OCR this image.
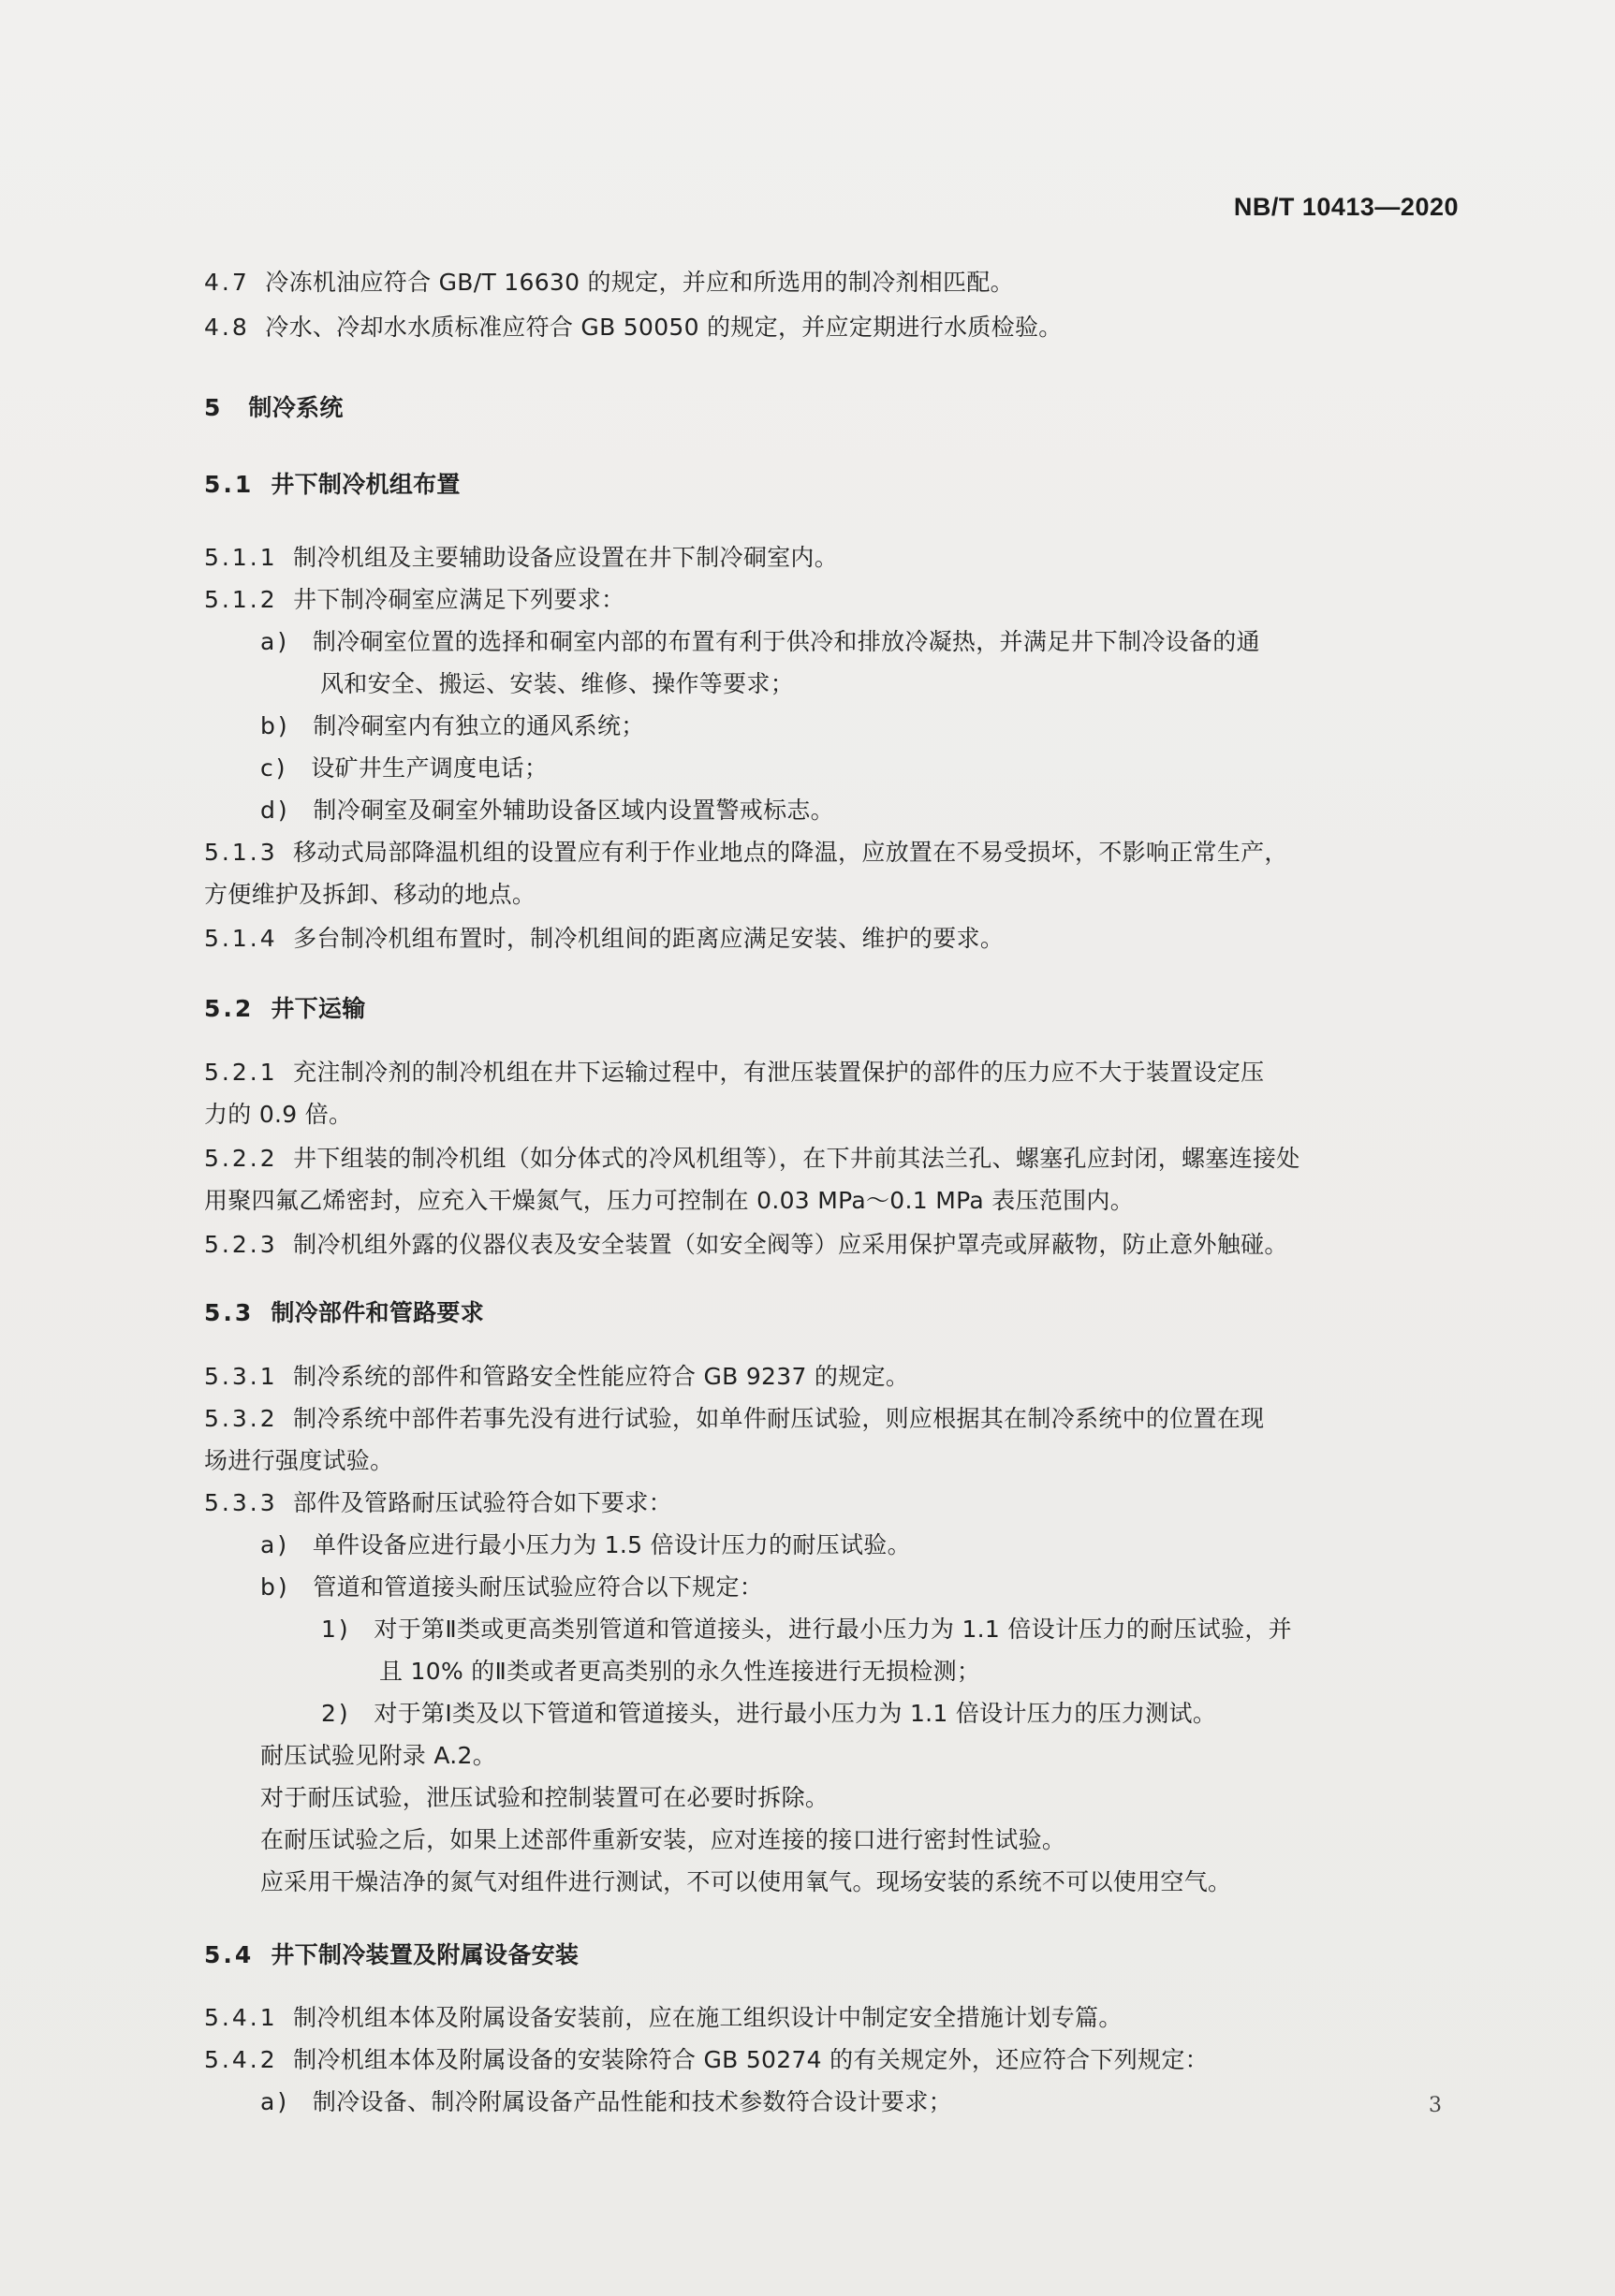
NB/T 10413—2020
4.7 冷冻机油应符合 GB/T 16630 的规定，并应和所选用的制冷剂相匹配。
4.8 冷水、冷却水水质标准应符合 GB 50050 的规定，并应定期进行水质检验。
5 制冷系统
5.1 井下制冷机组布置
5.1.1 制冷机组及主要辅助设备应设置在井下制冷硐室内。
5.1.2 井下制冷硐室应满足下列要求：
a) 制冷硐室位置的选择和硐室内部的布置有利于供冷和排放冷凝热，并满足井下制冷设备的通
风和安全、搬运、安装、维修、操作等要求；
b) 制冷硐室内有独立的通风系统；
c) 设矿井生产调度电话；
d) 制冷硐室及硐室外辅助设备区域内设置警戒标志。
5.1.3 移动式局部降温机组的设置应有利于作业地点的降温，应放置在不易受损坏，不影响正常生产，
方便维护及拆卸、移动的地点。
5.1.4 多台制冷机组布置时，制冷机组间的距离应满足安装、维护的要求。
5.2 井下运输
5.2.1 充注制冷剂的制冷机组在井下运输过程中，有泄压装置保护的部件的压力应不大于装置设定压
力的 0.9 倍。
5.2.2 井下组装的制冷机组（如分体式的冷风机组等），在下井前其法兰孔、螺塞孔应封闭，螺塞连接处
用聚四氟乙烯密封，应充入干燥氮气，压力可控制在 0.03 MPa～0.1 MPa 表压范围内。
5.2.3 制冷机组外露的仪器仪表及安全装置（如安全阀等）应采用保护罩壳或屏蔽物，防止意外触碰。
5.3 制冷部件和管路要求
5.3.1 制冷系统的部件和管路安全性能应符合 GB 9237 的规定。
5.3.2 制冷系统中部件若事先没有进行试验，如单件耐压试验，则应根据其在制冷系统中的位置在现
场进行强度试验。
5.3.3 部件及管路耐压试验符合如下要求：
a) 单件设备应进行最小压力为 1.5 倍设计压力的耐压试验。
b) 管道和管道接头耐压试验应符合以下规定：
1) 对于第Ⅱ类或更高类别管道和管道接头，进行最小压力为 1.1 倍设计压力的耐压试验，并
且 10% 的Ⅱ类或者更高类别的永久性连接进行无损检测；
2) 对于第Ⅰ类及以下管道和管道接头，进行最小压力为 1.1 倍设计压力的压力测试。
耐压试验见附录 A.2。
对于耐压试验，泄压试验和控制装置可在必要时拆除。
在耐压试验之后，如果上述部件重新安装，应对连接的接口进行密封性试验。
应采用干燥洁净的氮气对组件进行测试，不可以使用氧气。现场安装的系统不可以使用空气。
5.4 井下制冷装置及附属设备安装
5.4.1 制冷机组本体及附属设备安装前，应在施工组织设计中制定安全措施计划专篇。
5.4.2 制冷机组本体及附属设备的安装除符合 GB 50274 的有关规定外，还应符合下列规定：
a) 制冷设备、制冷附属设备产品性能和技术参数符合设计要求；	3
